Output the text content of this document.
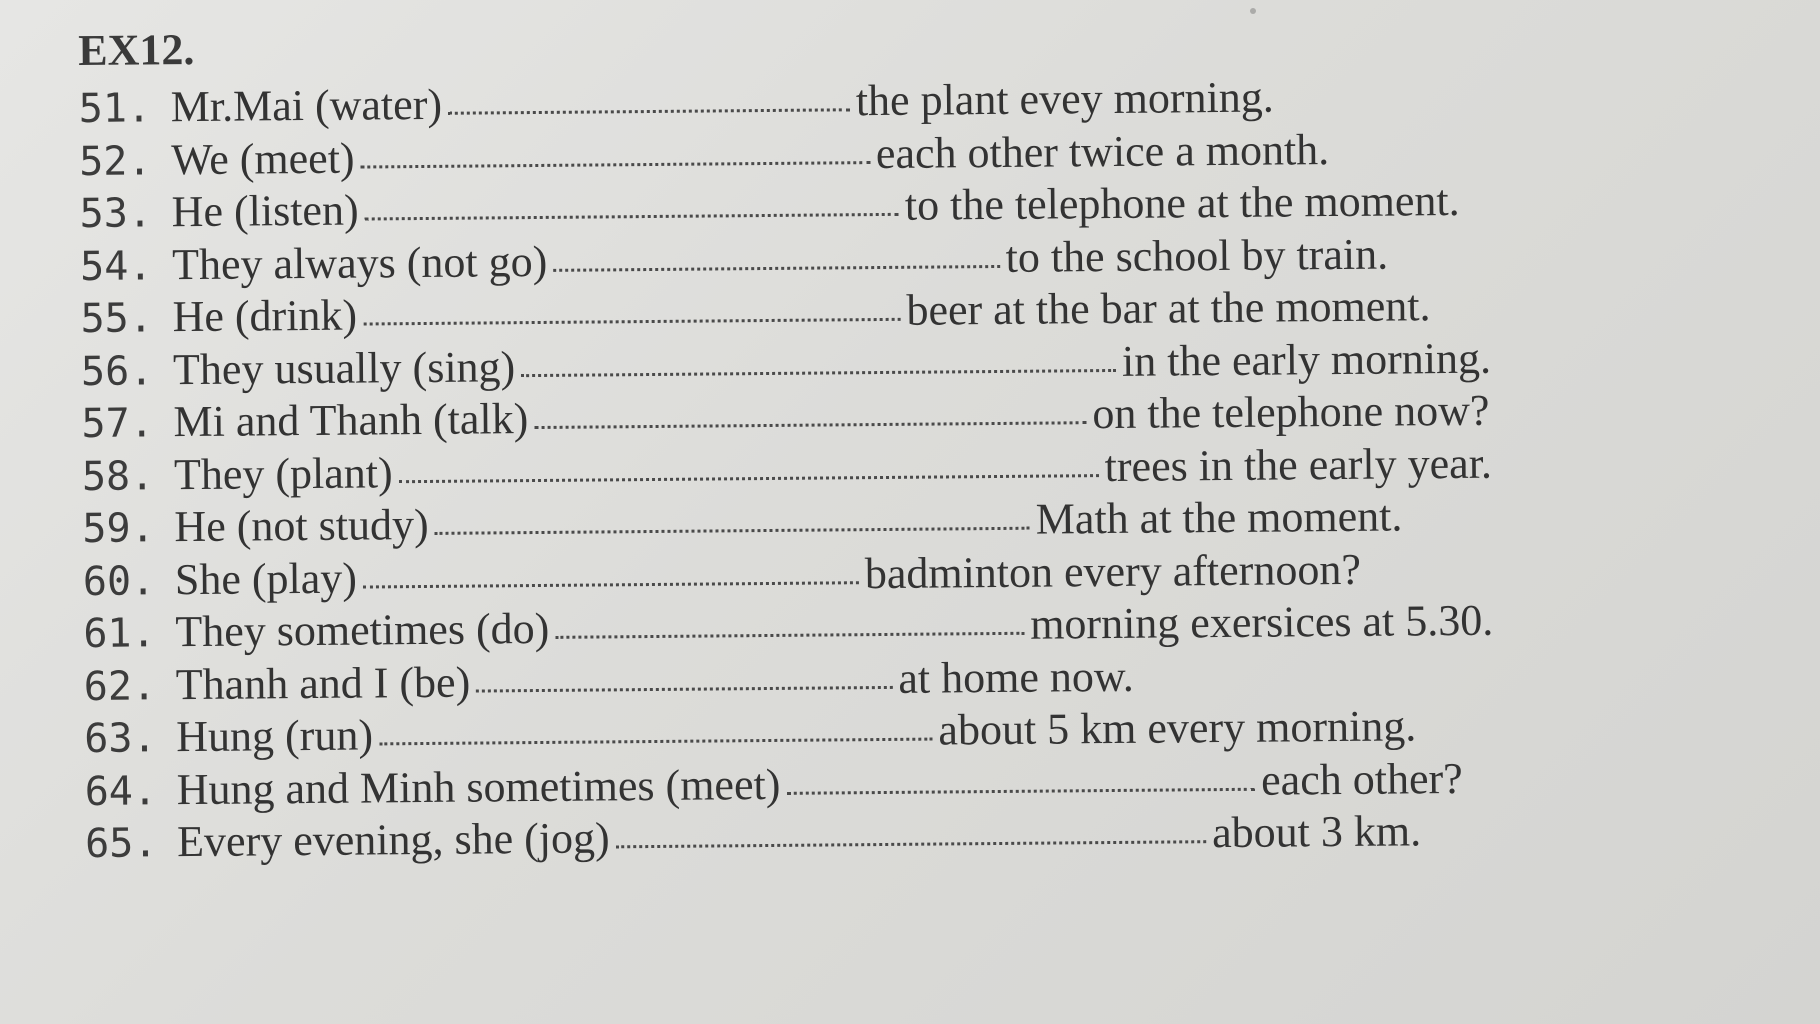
EX12.
51. Mr.Mai (water)	the plant evey morning.
52. We (meet)	each other twice a month.
53. He (listen)	to the telephone at the moment.
54. They always (not go)	to the school by train.
55. He (drink)	beer at the bar at the moment.
56. They usually (sing)	in the early morning.
57. Mi and Thanh (talk)	on the telephone now?
58. They (plant)	trees in the early year.
59. He (not study)	Math at the moment.
60. She (play)	badminton every afternoon?
61. They sometimes (do)	morning exersices at 5.30.
62. Thanh and I (be)	at home now.
63. Hung (run)	about 5 km every morning.
64. Hung and Minh sometimes (meet)	each other?
65. Every evening, she (jog)	about 3 km.
